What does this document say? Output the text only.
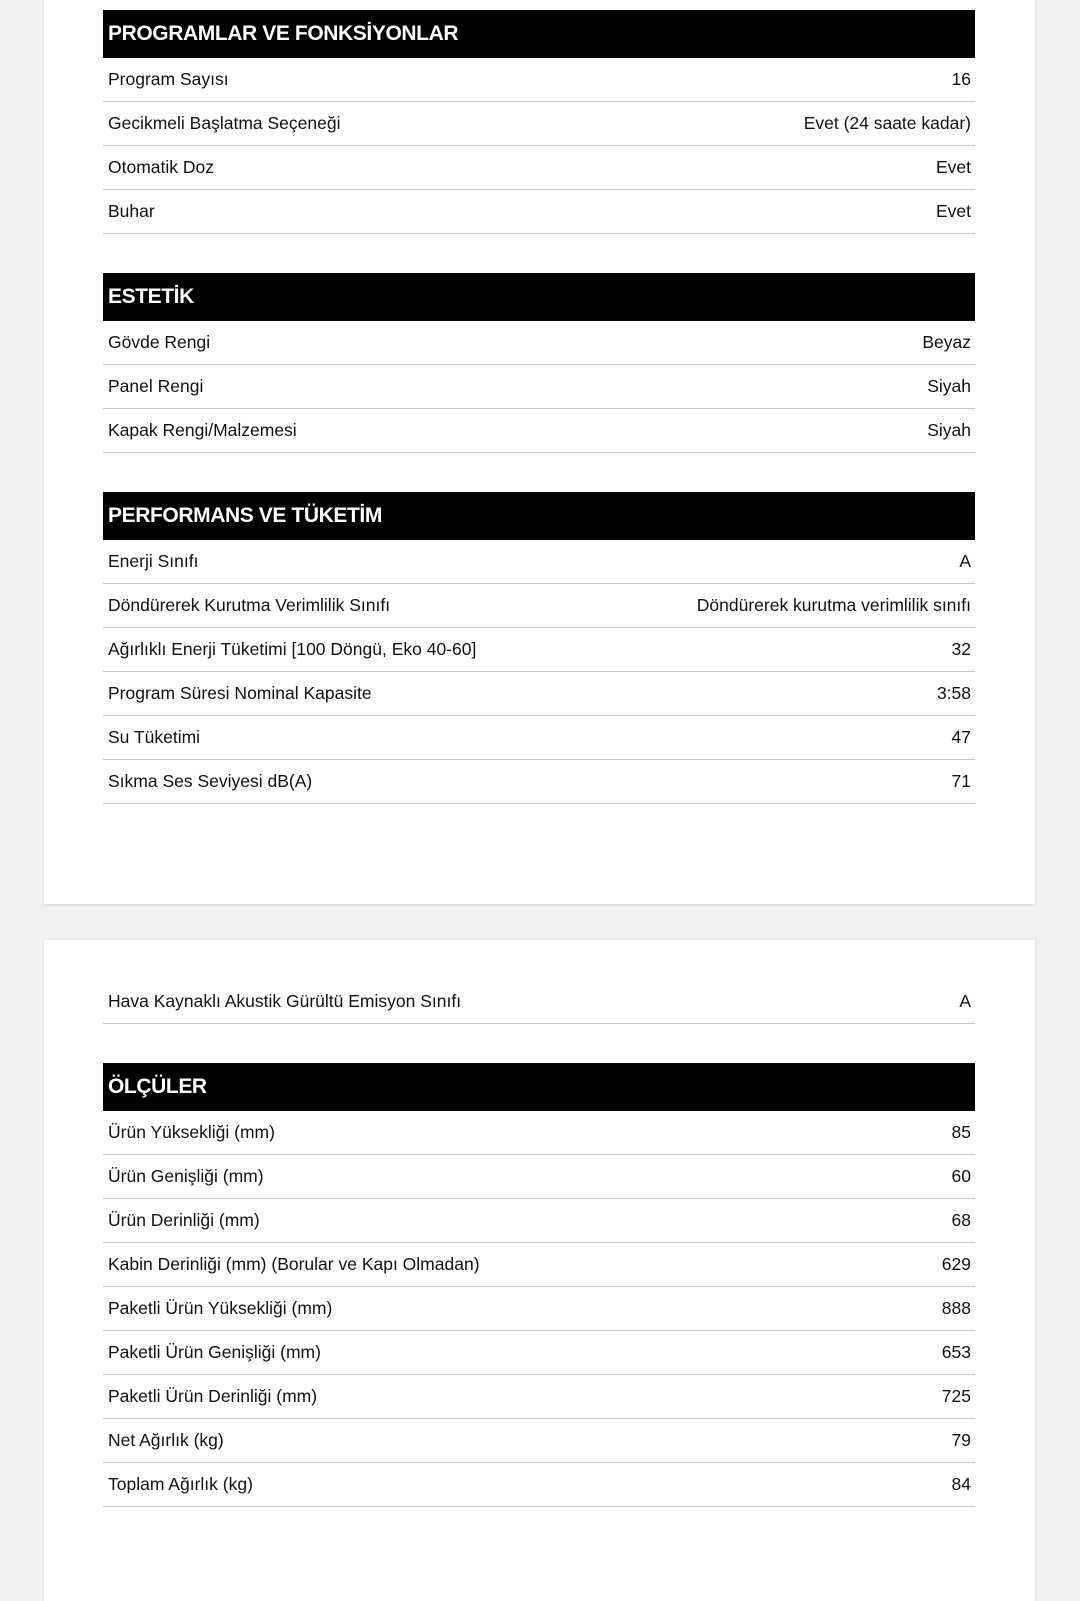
PROGRAMLAR VE FONKSİYONLAR
Program Sayısı	16
Gecikmeli Başlatma Seçeneği	Evet (24 saate kadar)
Otomatik Doz	Evet
Buhar	Evet
ESTETİK
Gövde Rengi	Beyaz
Panel Rengi	Siyah
Kapak Rengi/Malzemesi	Siyah
PERFORMANS VE TÜKETİM
Enerji Sınıfı	A
Döndürerek Kurutma Verimlilik Sınıfı	Döndürerek kurutma verimlilik sınıfı
Ağırlıklı Enerji Tüketimi [100 Döngü, Eko 40-60]	32
Program Süresi Nominal Kapasite	3:58
Su Tüketimi	47
Sıkma Ses Seviyesi dB(A)	71
Hava Kaynaklı Akustik Gürültü Emisyon Sınıfı	A
ÖLÇÜLER
Ürün Yüksekliği (mm)	85
Ürün Genişliği (mm)	60
Ürün Derinliği (mm)	68
Kabin Derinliği (mm) (Borular ve Kapı Olmadan)	629
Paketli Ürün Yüksekliği (mm)	888
Paketli Ürün Genişliği (mm)	653
Paketli Ürün Derinliği (mm)	725
Net Ağırlık (kg)	79
Toplam Ağırlık (kg)	84
